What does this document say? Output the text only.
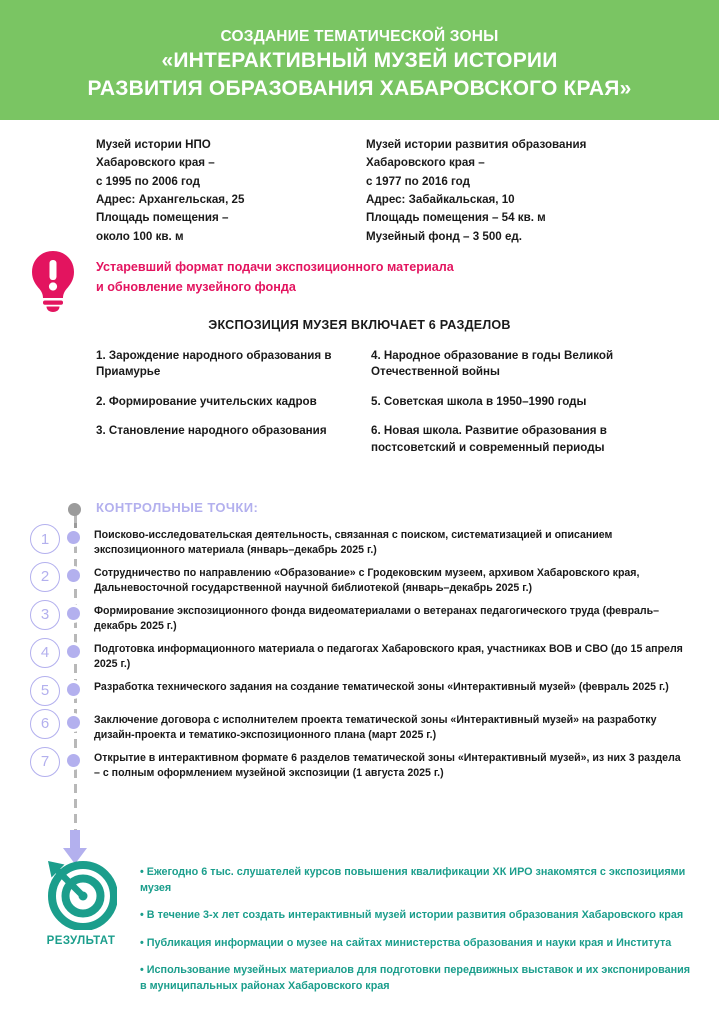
СОЗДАНИЕ ТЕМАТИЧЕСКОЙ ЗОНЫ
«ИНТЕРАКТИВНЫЙ МУЗЕЙ ИСТОРИИ
РАЗВИТИЯ ОБРАЗОВАНИЯ ХАБАРОВСКОГО КРАЯ»
Музей истории НПО
Хабаровского края –
с 1995 по 2006 год
Адрес: Архангельская, 25
Площадь помещения –
около 100 кв. м
Музей истории развития образования
Хабаровского края –
с 1977 по 2016 год
Адрес: Забайкальская, 10
Площадь помещения – 54 кв. м
Музейный фонд – 3 500 ед.
Устаревший формат подачи экспозиционного материала
и обновление музейного фонда
ЭКСПОЗИЦИЯ МУЗЕЯ ВКЛЮЧАЕТ 6 РАЗДЕЛОВ
1. Зарождение народного образования в Приамурье
2. Формирование учительских кадров
3. Становление народного образования
4. Народное образование в годы Великой Отечественной войны
5. Советская школа в 1950–1990 годы
6. Новая школа. Развитие образования в постсоветский и современный периоды
КОНТРОЛЬНЫЕ ТОЧКИ:
1	Поисково-исследовательская деятельность, связанная с поиском, систематизацией и описанием экспозиционного материала (январь–декабрь 2025 г.)
2	Сотрудничество по направлению «Образование» с Гродековским музеем, архивом Хабаровского края, Дальневосточной государственной научной библиотекой (январь–декабрь 2025 г.)
3	Формирование экспозиционного фонда видеоматериалами о ветеранах педагогического труда (февраль–декабрь 2025 г.)
4	Подготовка информационного материала о педагогах Хабаровского края, участниках ВОВ и СВО (до 15 апреля 2025 г.)
5	Разработка технического задания на создание тематической зоны «Интерактивный музей» (февраль 2025 г.)
6	Заключение договора с исполнителем проекта тематической зоны «Интерактивный музей» на разработку дизайн-проекта и тематико-экспозиционного плана (март 2025 г.)
7	Открытие в интерактивном формате 6 разделов тематической зоны «Интерактивный музей», из них 3 раздела – с полным оформлением музейной экспозиции (1 августа 2025 г.)
РЕЗУЛЬТАТ
• Ежегодно 6 тыс. слушателей курсов повышения квалификации ХК ИРО знакомятся с экспозициями музея
• В течение 3-х лет создать интерактивный музей истории развития образования Хабаровского края
• Публикация информации о музее на сайтах министерства образования и науки края и Института
• Использование музейных материалов для подготовки передвижных выставок и их экспонирования в муниципальных районах Хабаровского края
